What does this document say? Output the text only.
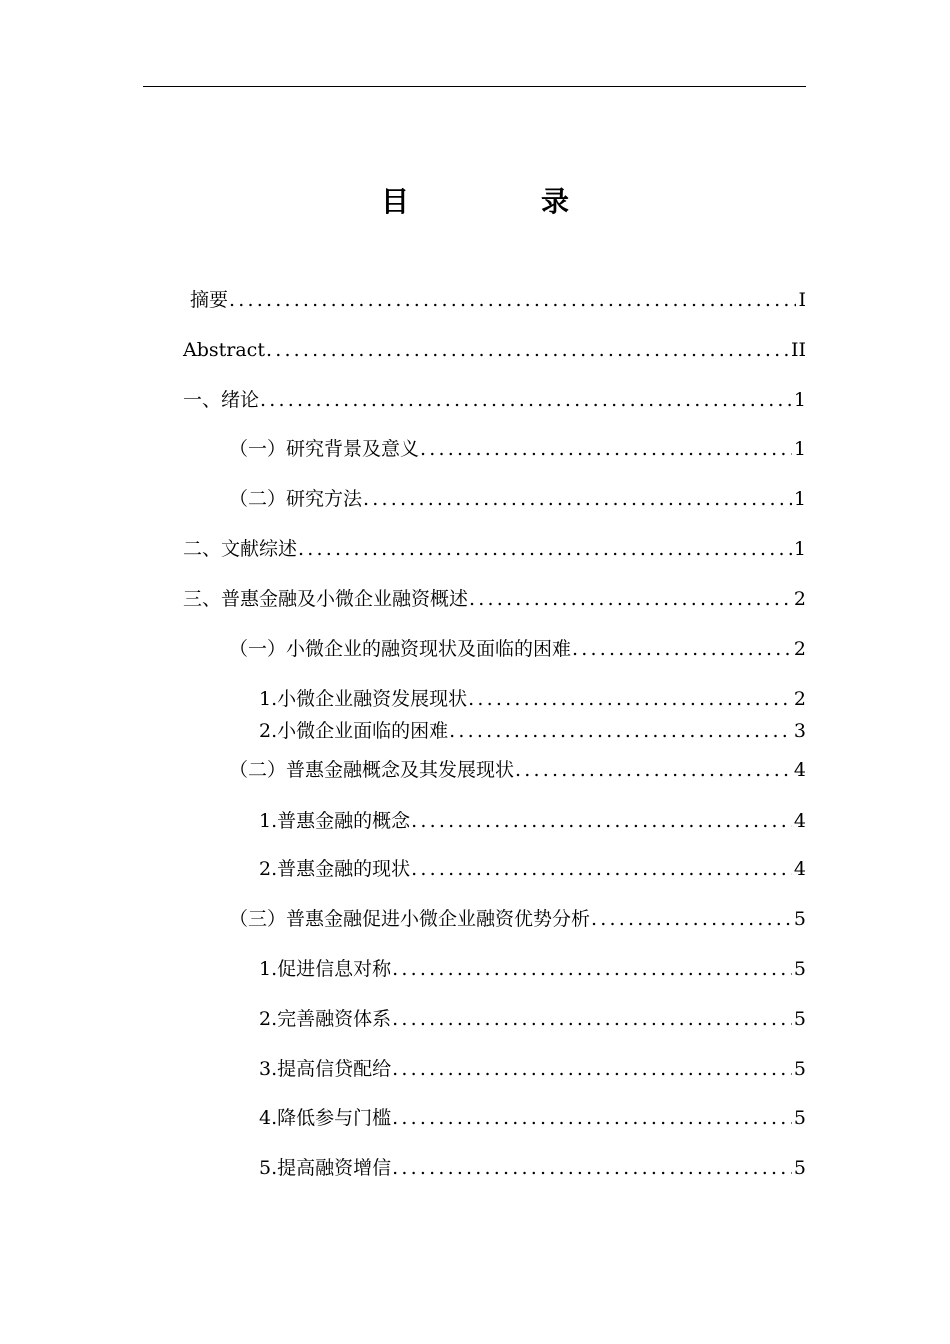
目　录
摘要 .....	I
Abstract .....	II
一、绪论 .....	1
（一）研究背景及意义 .....	1
（二）研究方法 .....	1
二、文献综述 .....	1
三、普惠金融及小微企业融资概述 .....	2
（一）小微企业的融资现状及面临的困难 .....	2
1.小微企业融资发展现状 .....	2
2.小微企业面临的困难 .....	3
（二）普惠金融概念及其发展现状 .....	4
1.普惠金融的概念 .....	4
2.普惠金融的现状 .....	4
（三）普惠金融促进小微企业融资优势分析 .....	5
1.促进信息对称 .....	5
2.完善融资体系 .....	5
3.提高信贷配给 .....	5
4.降低参与门槛 .....	5
5.提高融资增信 .....	5
